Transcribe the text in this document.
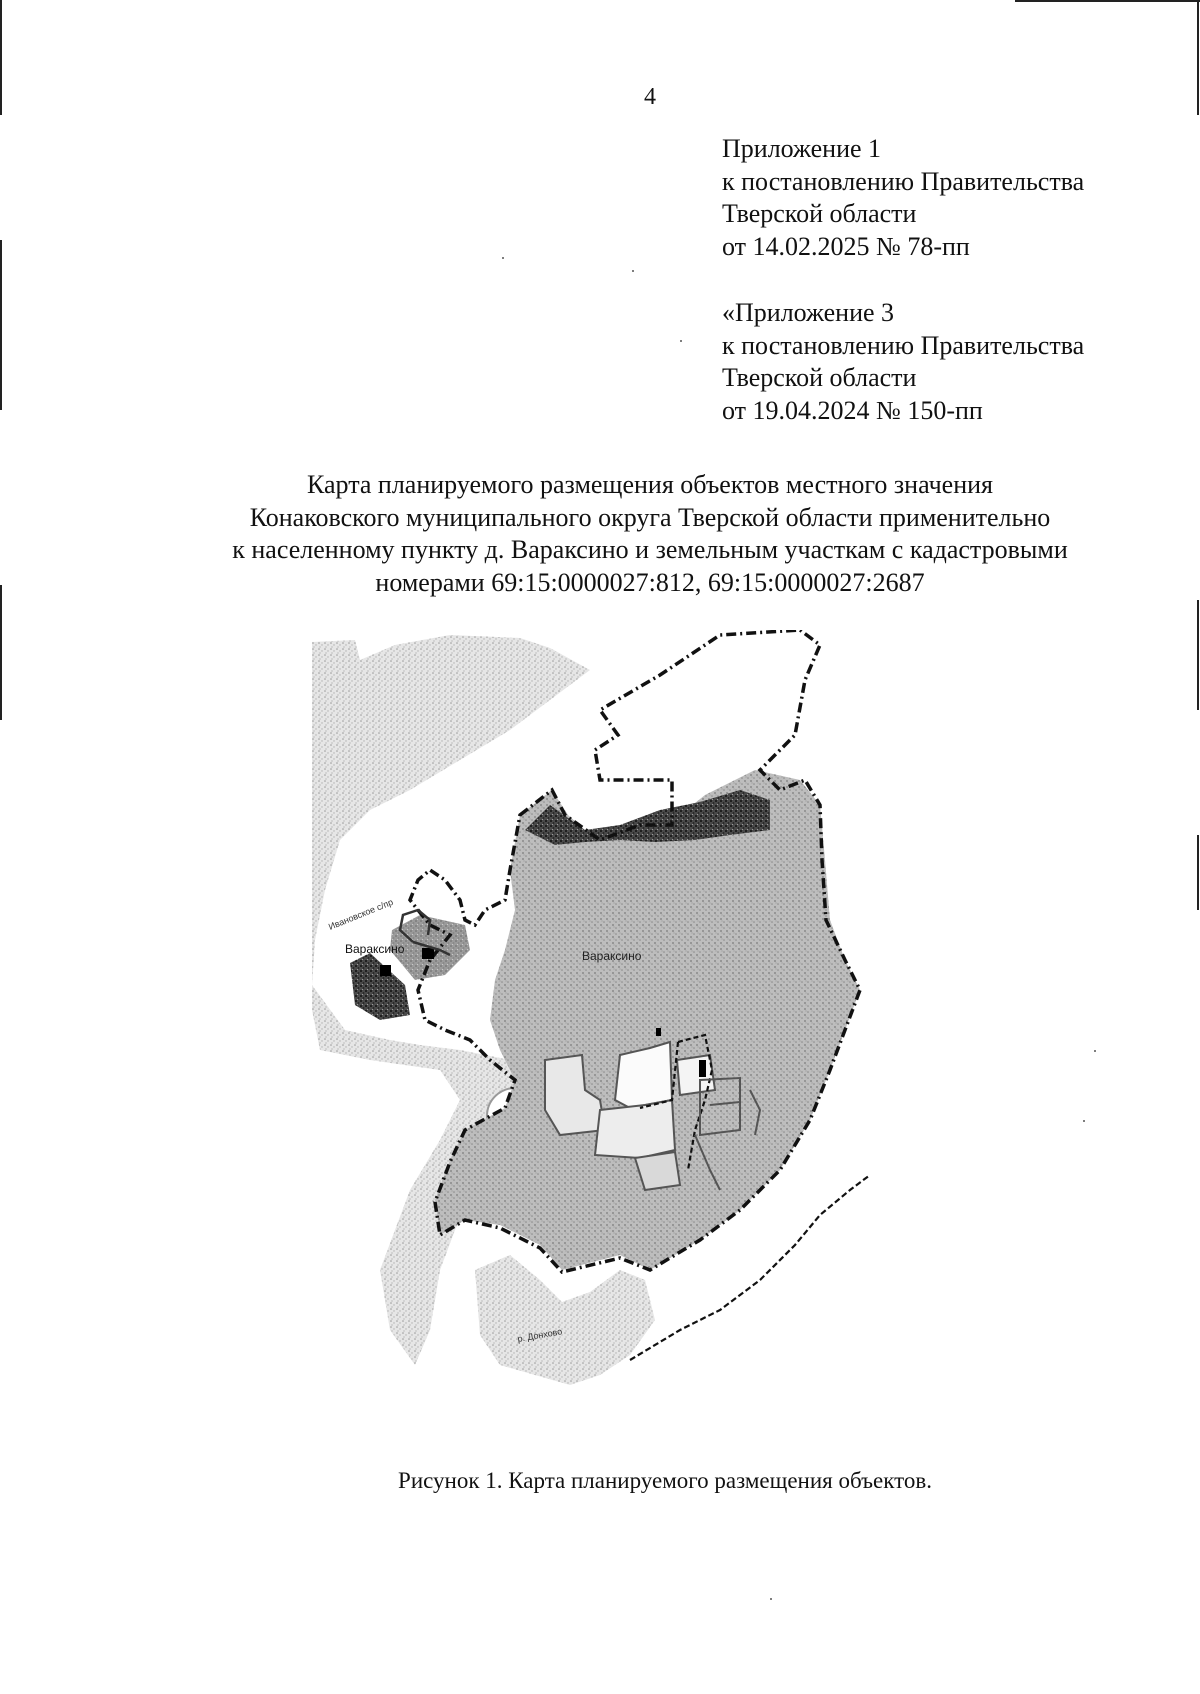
4
Приложение 1
к постановлению Правительства
Тверской области
от 14.02.2025 № 78-пп
«Приложение 3
к постановлению Правительства
Тверской области
от 19.04.2024 № 150-пп
Карта планируемого размещения объектов местного значения
Конаковского муниципального округа Тверской области применительно
к населенному пункту д. Вараксино и земельным участкам с кадастровыми
номерами 69:15:0000027:812, 69:15:0000027:2687
Вараксино
Вараксино
Ивановское с/пр
р. Донхово
Рисунок 1. Карта планируемого размещения объектов.
